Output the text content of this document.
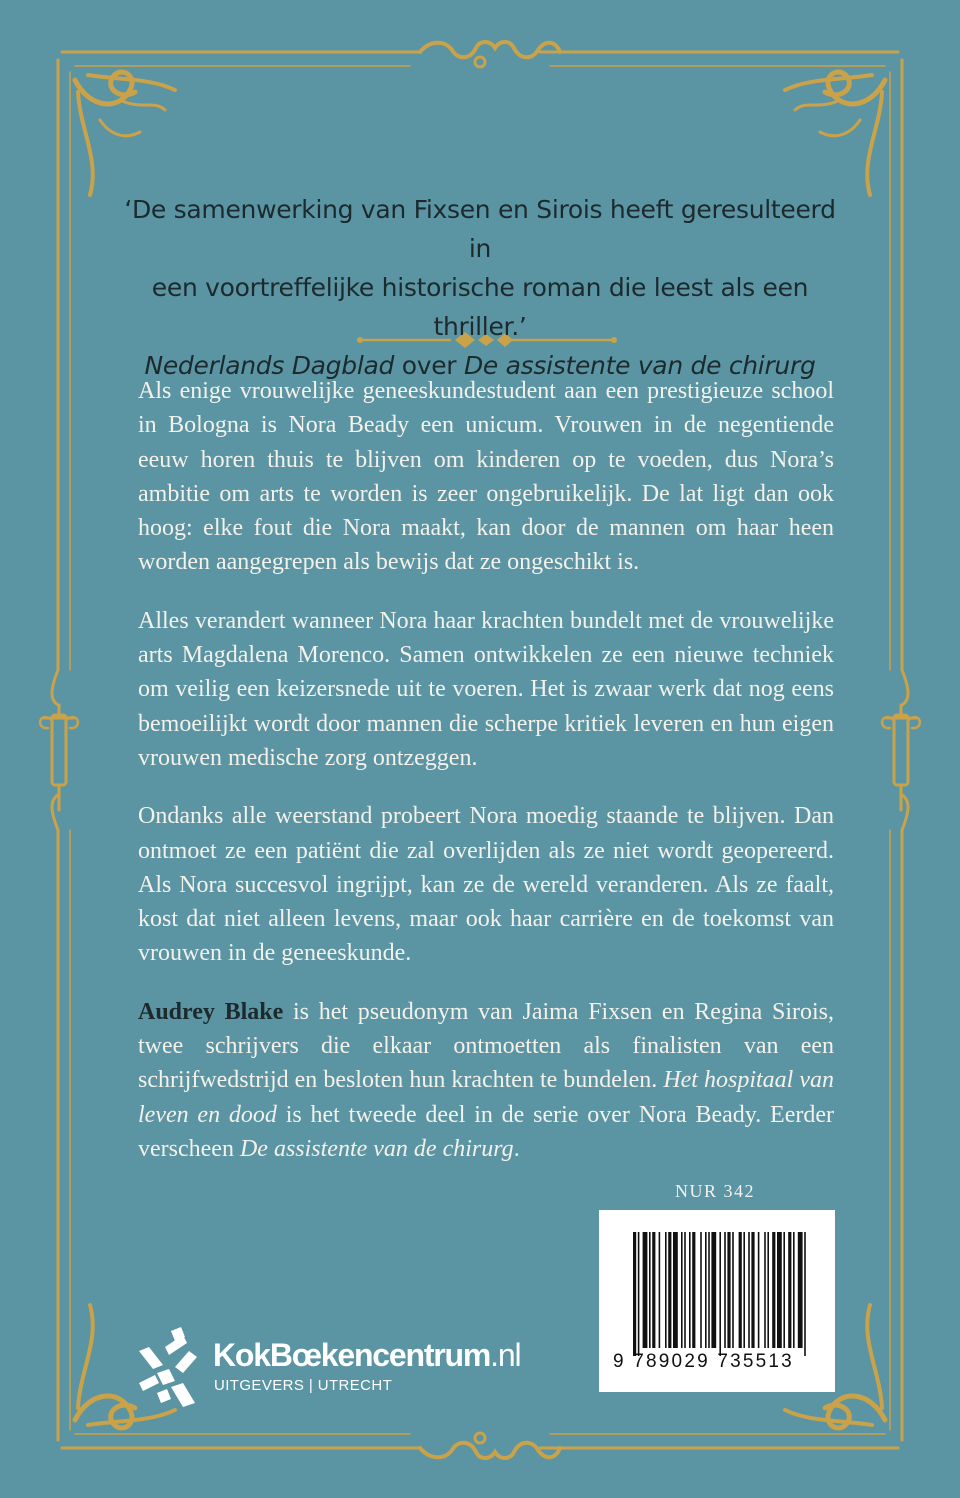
‘De samenwerking van Fixsen en Sirois heeft geresulteerd in
een voortreffelijke historische roman die leest als een thriller.’
Nederlands Dagblad over De assistente van de chirurg

Als enige vrouwelijke geneeskundestudent aan een prestigieuze school in Bologna is Nora Beady een unicum. Vrouwen in de negentiende eeuw horen thuis te blijven om kinderen op te voeden, dus Nora’s ambitie om arts te worden is zeer ongebruikelijk. De lat ligt dan ook hoog: elke fout die Nora maakt, kan door de mannen om haar heen worden aangegrepen als bewijs dat ze ongeschikt is.

Alles verandert wanneer Nora haar krachten bundelt met de vrouwelijke arts Magdalena Morenco. Samen ontwikkelen ze een nieuwe techniek om veilig een keizersnede uit te voeren. Het is zwaar werk dat nog eens bemoeilijkt wordt door mannen die scherpe kritiek leveren en hun eigen vrouwen medische zorg ontzeggen.

Ondanks alle weerstand probeert Nora moedig staande te blijven. Dan ontmoet ze een patiënt die zal overlijden als ze niet wordt geopereerd. Als Nora succesvol ingrijpt, kan ze de wereld veranderen. Als ze faalt, kost dat niet alleen levens, maar ook haar carrière en de toekomst van vrouwen in de geneeskunde.

Audrey Blake is het pseudonym van Jaima Fixsen en Regina Sirois, twee schrijvers die elkaar ontmoetten als finalisten van een schrijfwedstrijd en besloten hun krachten te bundelen. Het hospitaal van leven en dood is het tweede deel in de serie over Nora Beady. Eerder verscheen De assistente van de chirurg.

NUR 342
9 789029 735513
KokBœkencentrum.nl
UITGEVERS | UTRECHT
